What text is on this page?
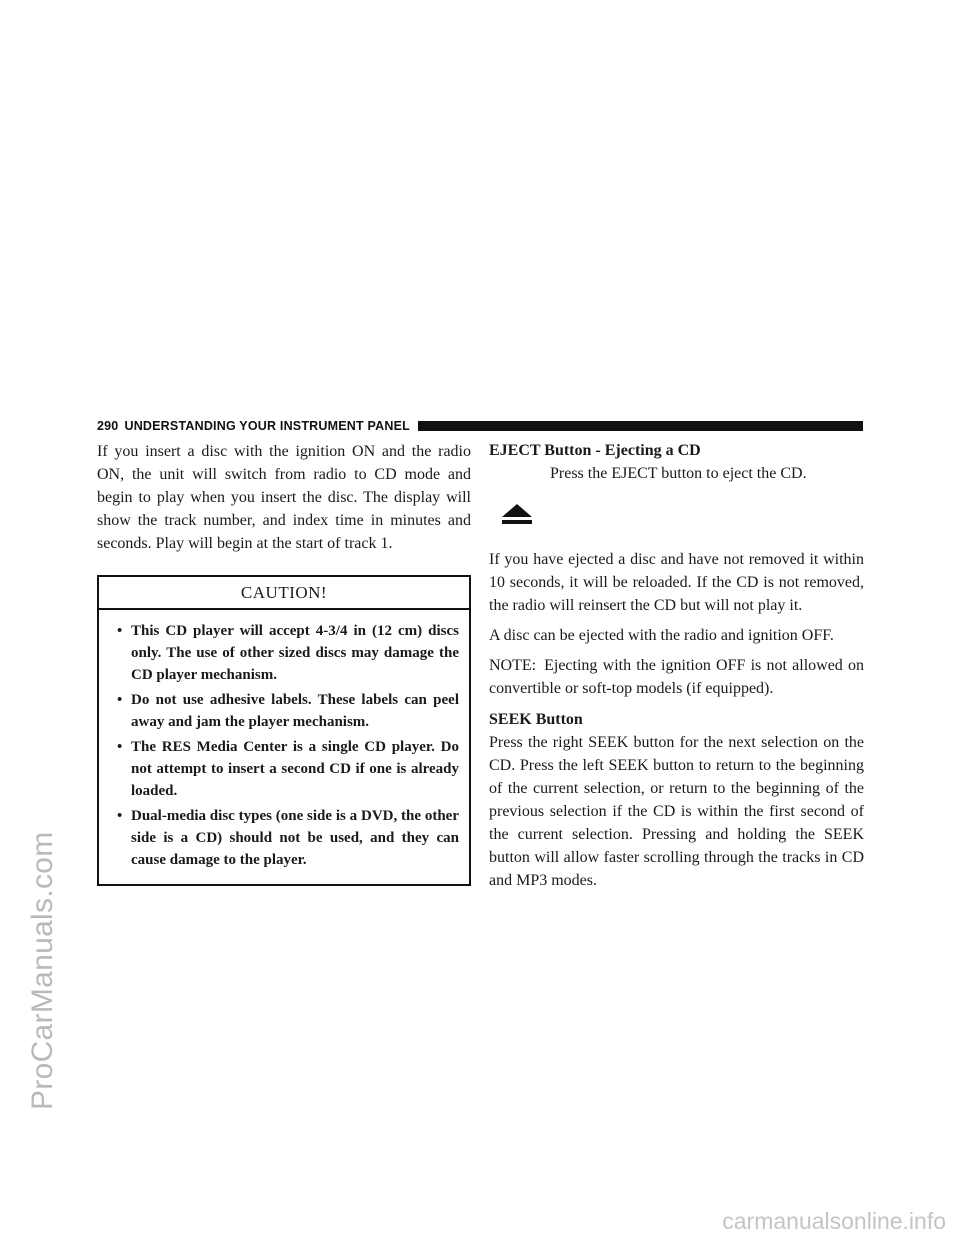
ProCarManuals.com
carmanualsonline.info
290 UNDERSTANDING YOUR INSTRUMENT PANEL

If you insert a disc with the ignition ON and the radio ON, the unit will switch from radio to CD mode and begin to play when you insert the disc. The display will show the track number, and index time in minutes and seconds. Play will begin at the start of track 1.

CAUTION!
• This CD player will accept 4-3/4 in (12 cm) discs only. The use of other sized discs may damage the CD player mechanism.
• Do not use adhesive labels. These labels can peel away and jam the player mechanism.
• The RES Media Center is a single CD player. Do not attempt to insert a second CD if one is already loaded.
• Dual-media disc types (one side is a DVD, the other side is a CD) should not be used, and they can cause damage to the player.
EJECT Button - Ejecting a CD

Press the EJECT button to eject the CD.

If you have ejected a disc and have not removed it within 10 seconds, it will be reloaded. If the CD is not removed, the radio will reinsert the CD but will not play it.

A disc can be ejected with the radio and ignition OFF.

NOTE: Ejecting with the ignition OFF is not allowed on convertible or soft-top models (if equipped).

SEEK Button

Press the right SEEK button for the next selection on the CD. Press the left SEEK button to return to the beginning of the current selection, or return to the beginning of the previous selection if the CD is within the first second of the current selection. Pressing and holding the SEEK button will allow faster scrolling through the tracks in CD and MP3 modes.
